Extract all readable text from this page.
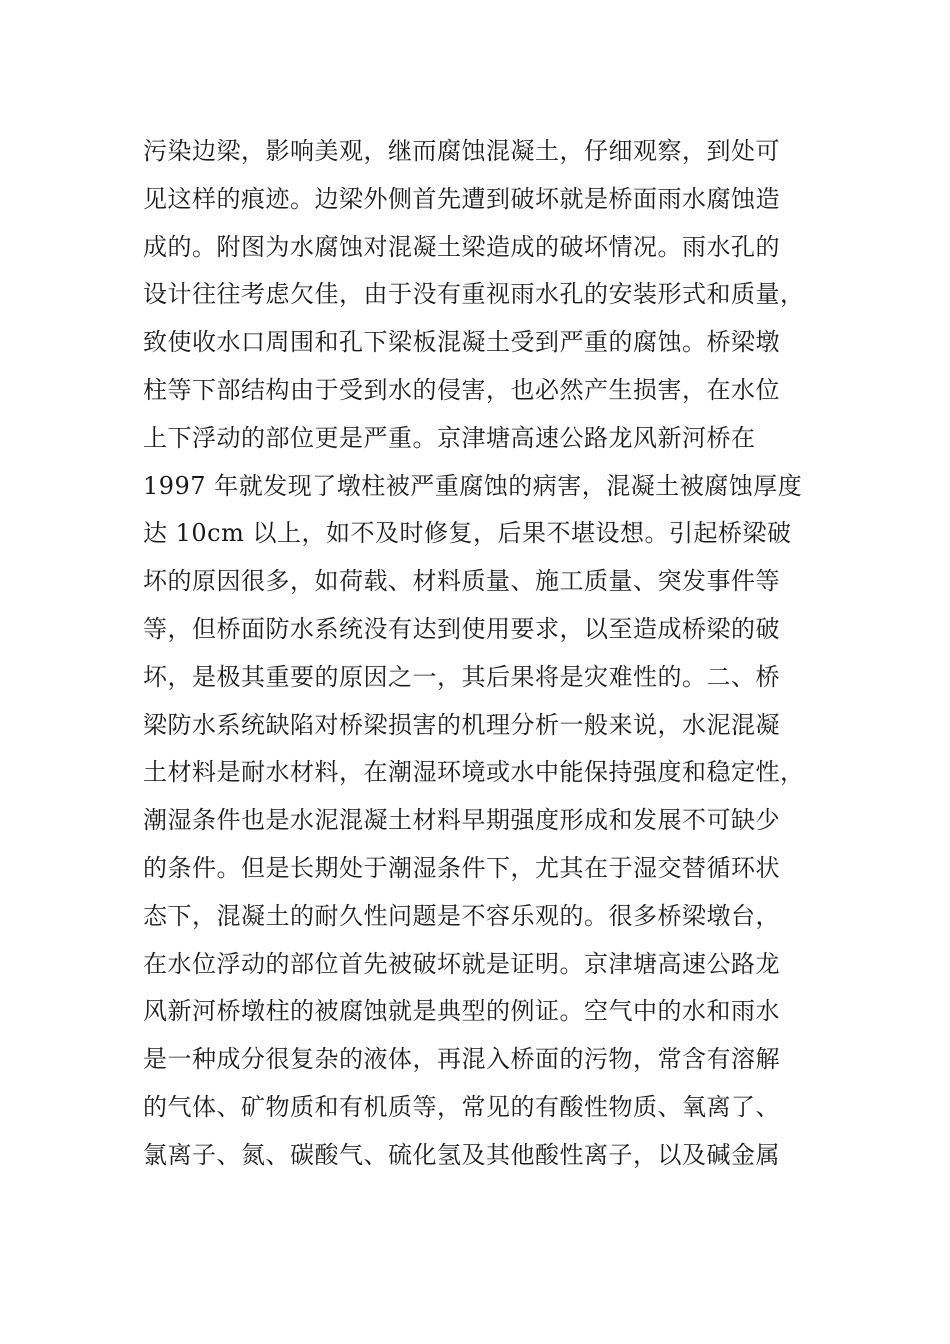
污染边梁，影响美观，继而腐蚀混凝土，仔细观察，到处可
见这样的痕迹。边梁外侧首先遭到破坏就是桥面雨水腐蚀造
成的。附图为水腐蚀对混凝土梁造成的破坏情况。雨水孔的
设计往往考虑欠佳，由于没有重视雨水孔的安装形式和质量，
致使收水口周围和孔下梁板混凝土受到严重的腐蚀。桥梁墩
柱等下部结构由于受到水的侵害，也必然产生损害，在水位
上下浮动的部位更是严重。京津塘高速公路龙风新河桥在
1997 年就发现了墩柱被严重腐蚀的病害，混凝土被腐蚀厚度
达 10cm 以上，如不及时修复，后果不堪设想。引起桥梁破
坏的原因很多，如荷载、材料质量、施工质量、突发事件等
等，但桥面防水系统没有达到使用要求，以至造成桥梁的破
坏，是极其重要的原因之一，其后果将是灾难性的。二、桥
梁防水系统缺陷对桥梁损害的机理分析一般来说，水泥混凝
土材料是耐水材料，在潮湿环境或水中能保持强度和稳定性，
潮湿条件也是水泥混凝土材料早期强度形成和发展不可缺少
的条件。但是长期处于潮湿条件下，尤其在于湿交替循环状
态下，混凝土的耐久性问题是不容乐观的。很多桥梁墩台，
在水位浮动的部位首先被破坏就是证明。京津塘高速公路龙
风新河桥墩柱的被腐蚀就是典型的例证。空气中的水和雨水
是一种成分很复杂的液体，再混入桥面的污物，常含有溶解
的气体、矿物质和有机质等，常见的有酸性物质、氧离了、
氯离子、氮、碳酸气、硫化氢及其他酸性离子，以及碱金属
